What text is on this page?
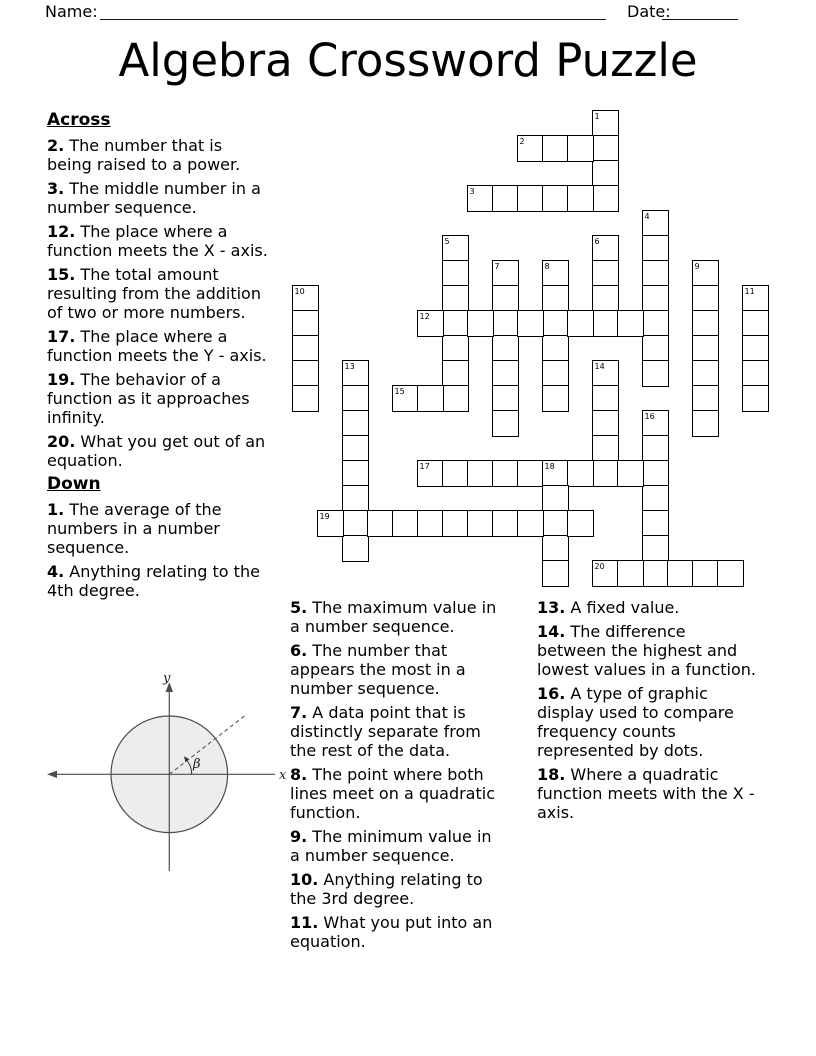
Name:	Date:
Algebra Crossword Puzzle
1
2
3
4
5	6
7	8	9
10	11
12
13	14
15
16
17	18
19
20
Across

2. The number that is being raised to a power.

3. The middle number in a number sequence.

12. The place where a function meets the X - axis.

15. The total amount resulting from the addition of two or more numbers.

17. The place where a function meets the Y - axis.

19. The behavior of a function as it approaches infinity.

20. What you get out of an equation.

Down

1. The average of the numbers in a number sequence.

4. Anything relating to the 4th degree.

5. The maximum value in a number sequence.

6. The number that appears the most in a number sequence.

7. A data point that is distinctly separate from the rest of the data.

8. The point where both lines meet on a quadratic function.

9. The minimum value in a number sequence.

10. Anything relating to the 3rd degree.

11. What you put into an equation.

13. A fixed value.

14. The difference between the highest and lowest values in a function.

16. A type of graphic display used to compare frequency counts represented by dots.

18. Where a quadratic function meets with the X - axis.

x
y
β
